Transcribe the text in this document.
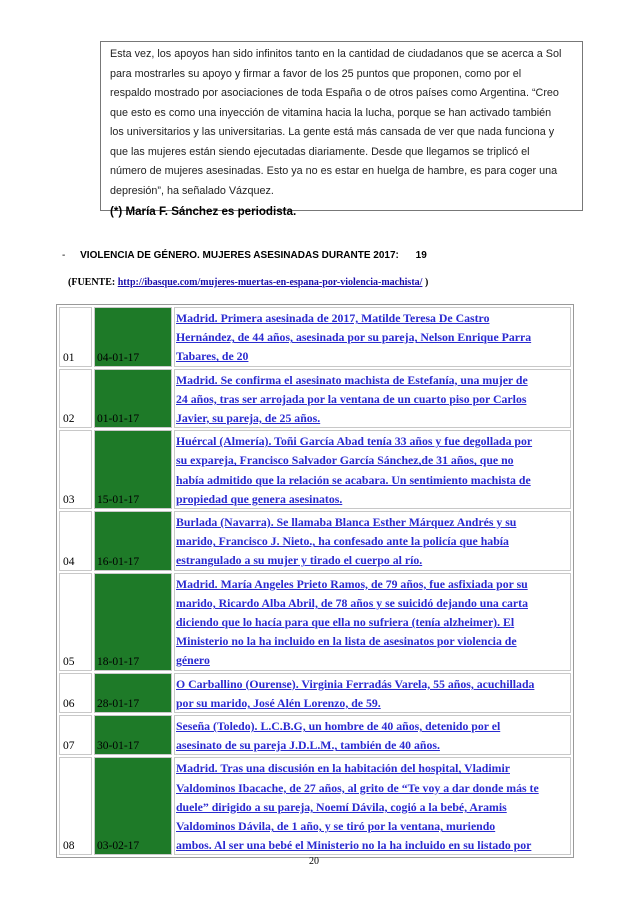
Esta vez, los apoyos han sido infinitos tanto en la cantidad de ciudadanos que se acerca a Sol

para mostrarles su apoyo y firmar a favor de los 25 puntos que proponen, como por el

respaldo mostrado por asociaciones de toda España o de otros países como Argentina. “Creo

que esto es como una inyección de vitamina hacia la lucha, porque se han activado también

los universitarios y las universitarias. La gente está más cansada de ver que nada funciona y

que las mujeres están siendo ejecutadas diariamente. Desde que llegamos se triplicó el

número de mujeres asesinadas. Esto ya no es estar en huelga de hambre, es para coger una

depresión”, ha señalado Vázquez.

(*) María F. Sánchez es periodista.

- VIOLENCIA DE GÉNERO. MUJERES ASESINADAS DURANTE 2017: 19
(FUENTE: http://ibasque.com/mujeres-muertas-en-espana-por-violencia-machista/ )
01	04-01-17	Madrid. Primera asesinada de 2017, Matilde Teresa De Castro
Hernández, de 44 años, asesinada por su pareja, Nelson Enrique Parra
Tabares, de 20

02	01-01-17	Madrid. Se confirma el asesinato machista de Estefanía, una mujer de
24 años, tras ser arrojada por la ventana de un cuarto piso por Carlos
Javier, su pareja, de 25 años.

03	15-01-17	Huércal (Almería). Toñi García Abad tenía 33 años y fue degollada por
su expareja, Francisco Salvador García Sánchez,de 31 años, que no
había admitido que la relación se acabara. Un sentimiento machista de
propiedad que genera asesinatos.

04	16-01-17	Burlada (Navarra). Se llamaba Blanca Esther Márquez Andrés y su
marido, Francisco J. Nieto., ha confesado ante la policía que había
estrangulado a su mujer y tirado el cuerpo al río.

05	18-01-17	Madrid. María Angeles Prieto Ramos, de 79 años, fue asfixiada por su
marido, Ricardo Alba Abril, de 78 años y se suicidó dejando una carta
diciendo que lo hacía para que ella no sufriera (tenía alzheimer). El
Ministerio no la ha incluido en la lista de asesinatos por violencia de
género

06	28-01-17	O Carballino (Ourense). Virginia Ferradás Varela, 55 años, acuchillada
por su marido, José Alén Lorenzo, de 59.

07	30-01-17	Seseña (Toledo). L.C.B.G, un hombre de 40 años, detenido por el
asesinato de su pareja J.D.L.M., también de 40 años.

08	03-02-17	Madrid. Tras una discusión en la habitación del hospital, Vladimir
Valdominos Ibacache, de 27 años, al grito de “Te voy a dar donde más te
duele” dirigido a su pareja, Noemí Dávila, cogió a la bebé, Aramis
Valdominos Dávila, de 1 año, y se tiró por la ventana, muriendo
ambos. Al ser una bebé el Ministerio no la ha incluido en su listado por
20
